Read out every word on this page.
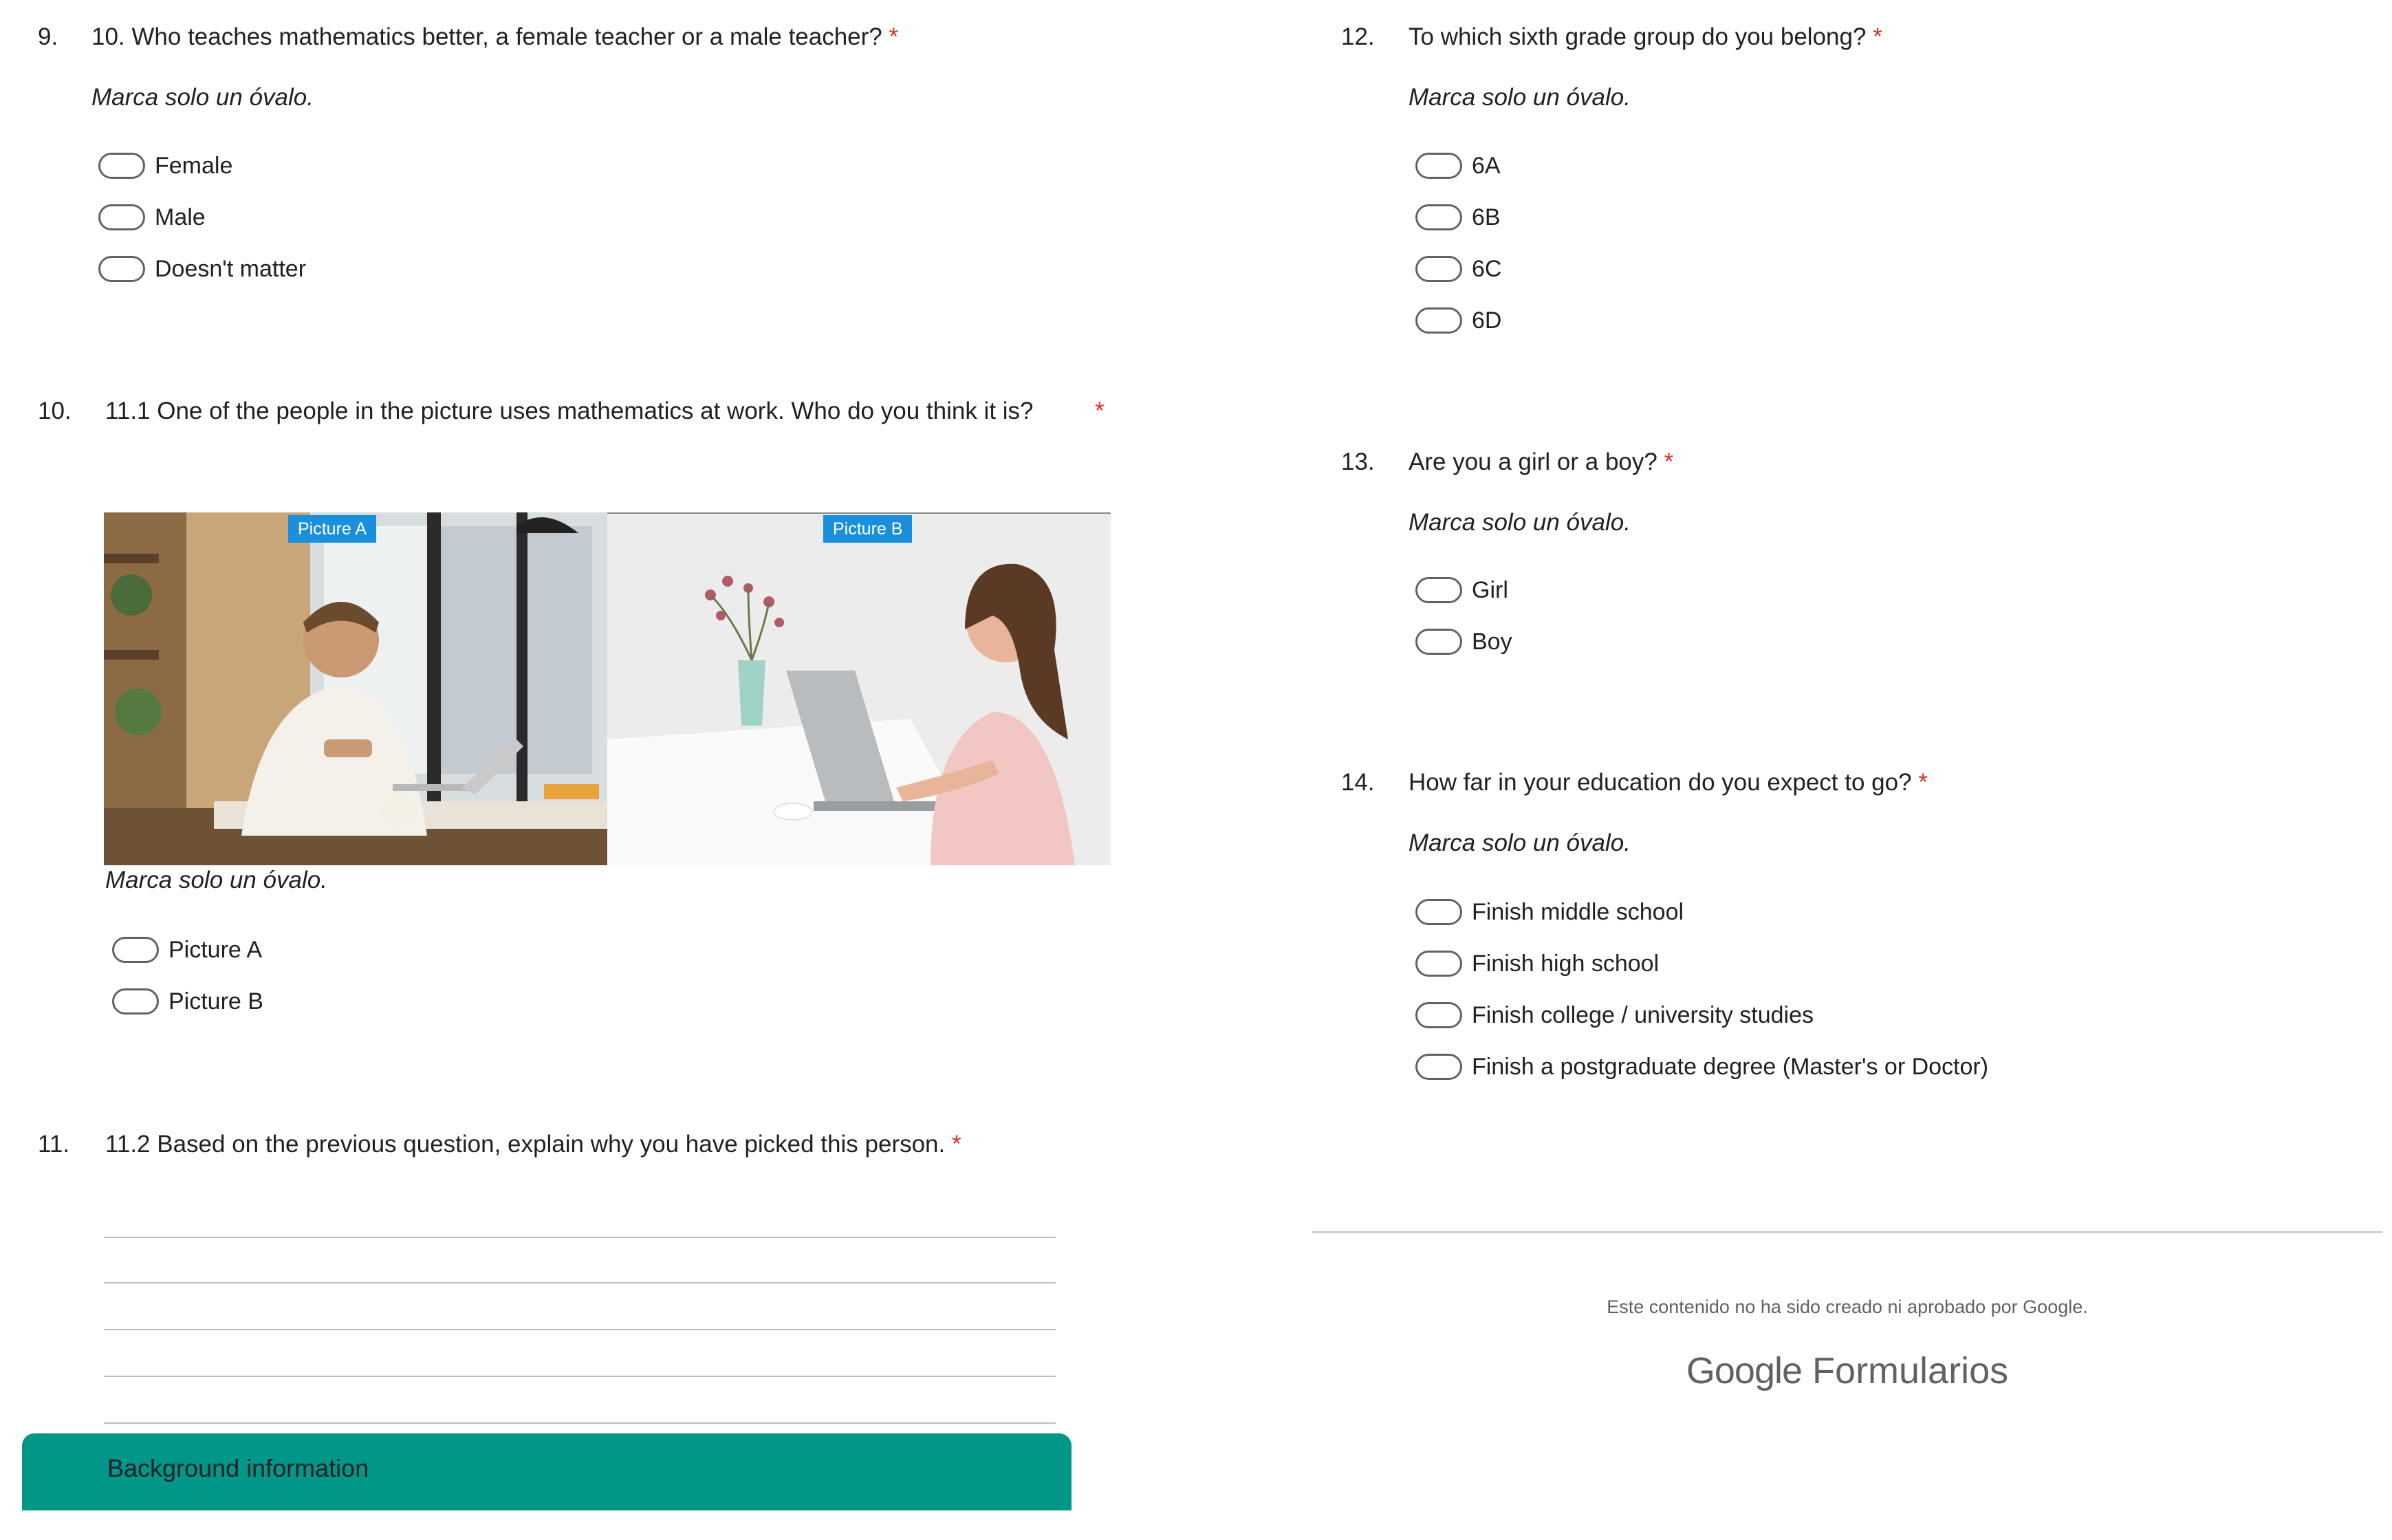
9. 10. Who teaches mathematics better, a female teacher or a male teacher? *
Marca solo un óvalo.
Female
Male
Doesn't matter
10. 11.1 One of the people in the picture uses mathematics at work. Who do you think it is?	*
Picture A	Picture B
Marca solo un óvalo.
Picture A
Picture B
11. 11.2 Based on the previous question, explain why you have picked this person. *
Background information
12. To which sixth grade group do you belong? *
Marca solo un óvalo.
6A
6B
6C
6D
13. Are you a girl or a boy? *
Marca solo un óvalo.
Girl
Boy
14. How far in your education do you expect to go? *
Marca solo un óvalo.
Finish middle school
Finish high school
Finish college / university studies
Finish a postgraduate degree (Master's or Doctor)
Este contenido no ha sido creado ni aprobado por Google.
Google Formularios
